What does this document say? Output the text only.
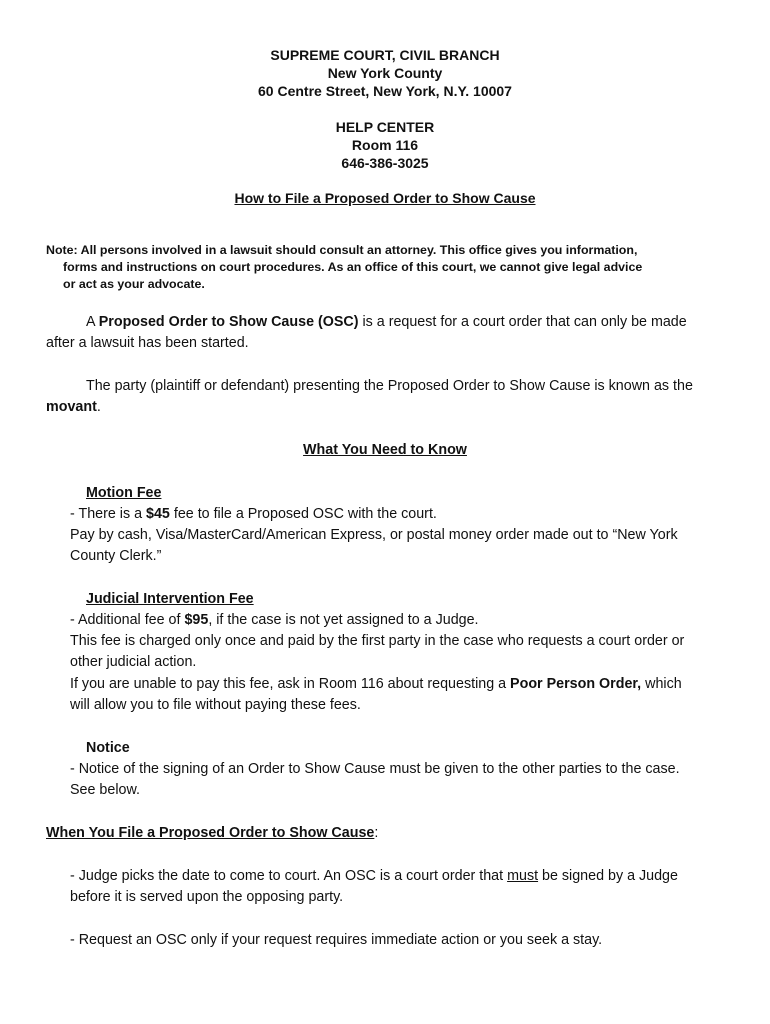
SUPREME COURT, CIVIL BRANCH
New York County
60 Centre Street, New York, N.Y. 10007
HELP CENTER
Room 116
646-386-3025
How to File a Proposed Order to Show Cause
Note: All persons involved in a lawsuit should consult an attorney. This office gives you information,
forms and instructions on court procedures. As an office of this court, we cannot give legal advice
or act as your advocate.
A Proposed Order to Show Cause (OSC) is a request for a court order that can only be made
after a lawsuit has been started.
The party (plaintiff or defendant) presenting the Proposed Order to Show Cause is known as the
movant.
What You Need to Know
Motion Fee
- There is a $45 fee to file a Proposed OSC with the court.
Pay by cash, Visa/MasterCard/American Express, or postal money order made out to “New York
County Clerk.”
Judicial Intervention Fee
- Additional fee of $95, if the case is not yet assigned to a Judge.
This fee is charged only once and paid by the first party in the case who requests a court order or
other judicial action.
If you are unable to pay this fee, ask in Room 116 about requesting a Poor Person Order, which
will allow you to file without paying these fees.
Notice
- Notice of the signing of an Order to Show Cause must be given to the other parties to the case.
See below.
When You File a Proposed Order to Show Cause:
- Judge picks the date to come to court. An OSC is a court order that must be signed by a Judge
before it is served upon the opposing party.
- Request an OSC only if your request requires immediate action or you seek a stay.
